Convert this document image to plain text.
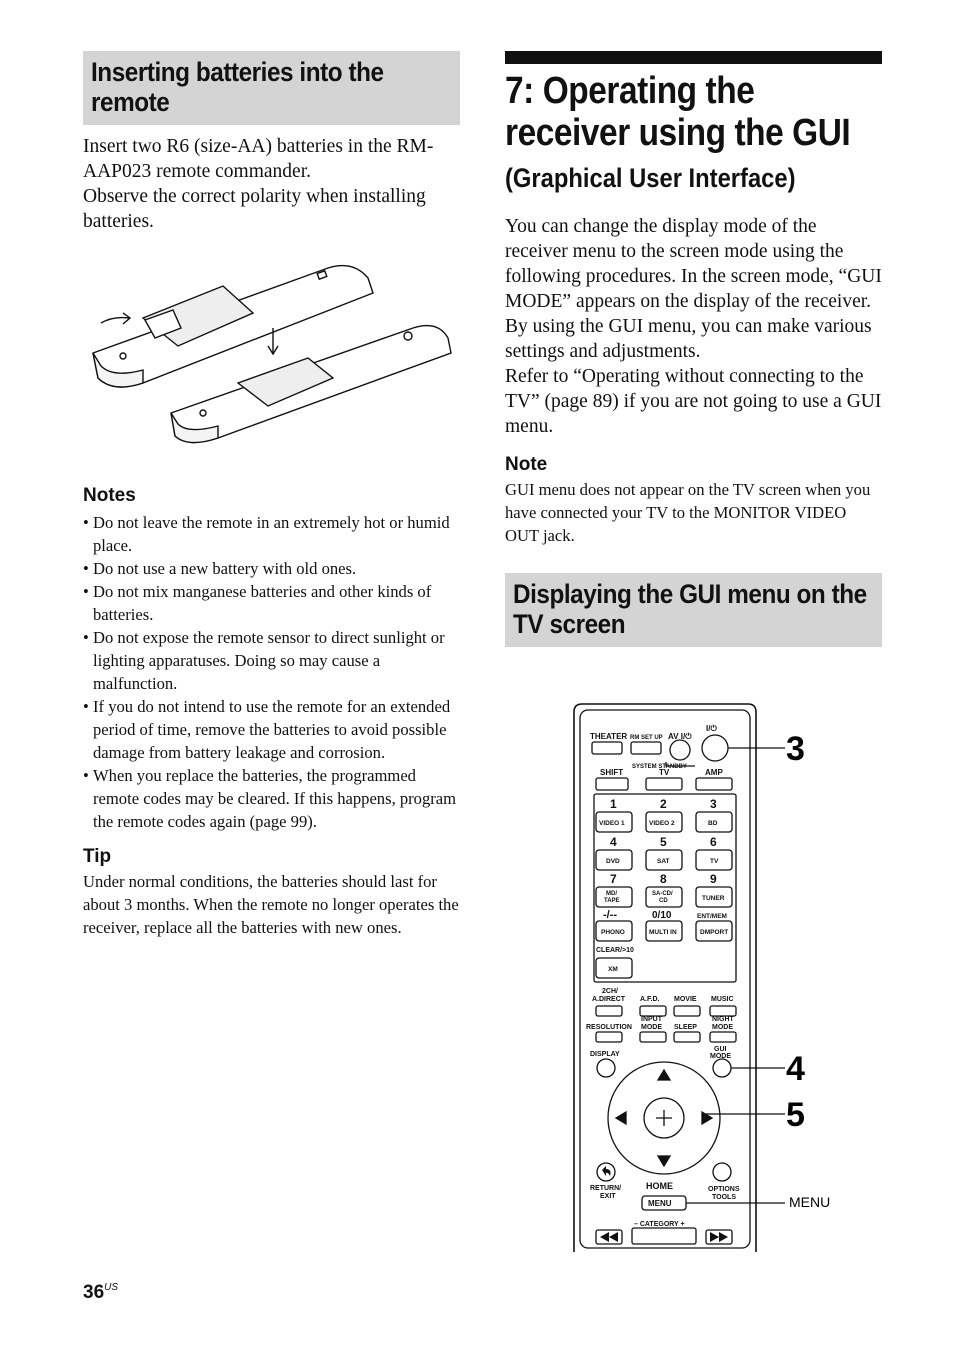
Inserting batteries into the remote

Insert two R6 (size-AA) batteries in the RM-AAP023 remote commander.

Observe the correct polarity when installing batteries.

Notes
• Do not leave the remote in an extremely hot or humid place.
• Do not use a new battery with old ones.
• Do not mix manganese batteries and other kinds of batteries.
• Do not expose the remote sensor to direct sunlight or lighting apparatuses. Doing so may cause a malfunction.
• If you do not intend to use the remote for an extended period of time, remove the batteries to avoid possible damage from battery leakage and corrosion.
• When you replace the batteries, the programmed remote codes may be cleared. If this happens, program the remote codes again (page 99).
Tip

Under normal conditions, the batteries should last for about 3 months. When the remote no longer operates the receiver, replace all the batteries with new ones.

7: Operating the receiver using the GUI
(Graphical User Interface)

You can change the display mode of the receiver menu to the screen mode using the following procedures. In the screen mode, “GUI MODE” appears on the display of the receiver.

By using the GUI menu, you can make various settings and adjustments.

Refer to “Operating without connecting to the TV” (page 89) if you are not going to use a GUI menu.

Note

GUI menu does not appear on the TV screen when you have connected your TV to the MONITOR VIDEO OUT jack.

Displaying the GUI menu on the TV screen
THEATER RM SET UP AV I/⏻
I/⏻
SYSTEM STANDBY
SHIFT	TV	AMP
1	2	3
VIDEO 1	VIDEO 2	BD
4	5	6
DVD	SAT	TV
7	8	9
MD/
TAPE
SA-CD/
CD	TUNER
-/--	0/10	ENT/MEM
PHONO	MULTI IN	DMPORT
CLEAR/>10
XM
2CH/
A.DIRECT A.F.D. MOVIE MUSIC
RESOLUTION
INPUT
MODE SLEEP
NIGHT
MODE
DISPLAY
GUI
MODE
RETURN/
EXIT
HOME
MENU
OPTIONS
TOOLS
– CATEGORY +
3
4
5
MENU
$36^{US}$
